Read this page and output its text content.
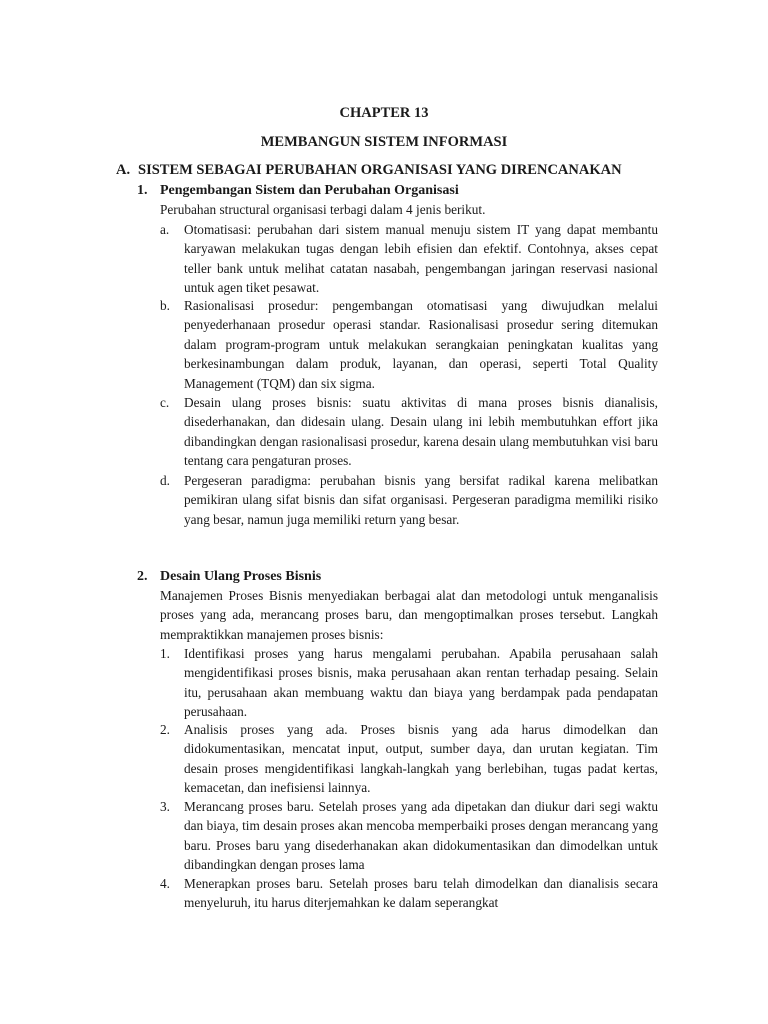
CHAPTER 13
MEMBANGUN SISTEM INFORMASI
A. SISTEM SEBAGAI PERUBAHAN ORGANISASI YANG DIRENCANAKAN
1. Pengembangan Sistem dan Perubahan Organisasi
Perubahan structural organisasi terbagi dalam 4 jenis berikut.
a. Otomatisasi: perubahan dari sistem manual menuju sistem IT yang dapat membantu karyawan melakukan tugas dengan lebih efisien dan efektif. Contohnya, akses cepat teller bank untuk melihat catatan nasabah, pengembangan jaringan reservasi nasional untuk agen tiket pesawat.
b. Rasionalisasi prosedur: pengembangan otomatisasi yang diwujudkan melalui penyederhanaan prosedur operasi standar. Rasionalisasi prosedur sering ditemukan dalam program-program untuk melakukan serangkaian peningkatan kualitas yang berkesinambungan dalam produk, layanan, dan operasi, seperti Total Quality Management (TQM) dan six sigma.
c. Desain ulang proses bisnis: suatu aktivitas di mana proses bisnis dianalisis, disederhanakan, dan didesain ulang. Desain ulang ini lebih membutuhkan effort jika dibandingkan dengan rasionalisasi prosedur, karena desain ulang membutuhkan visi baru tentang cara pengaturan proses.
d. Pergeseran paradigma: perubahan bisnis yang bersifat radikal karena melibatkan pemikiran ulang sifat bisnis dan sifat organisasi. Pergeseran paradigma memiliki risiko yang besar, namun juga memiliki return yang besar.
2. Desain Ulang Proses Bisnis
Manajemen Proses Bisnis menyediakan berbagai alat dan metodologi untuk menganalisis proses yang ada, merancang proses baru, dan mengoptimalkan proses tersebut. Langkah mempraktikkan manajemen proses bisnis:
1. Identifikasi proses yang harus mengalami perubahan. Apabila perusahaan salah mengidentifikasi proses bisnis, maka perusahaan akan rentan terhadap pesaing. Selain itu, perusahaan akan membuang waktu dan biaya yang berdampak pada pendapatan perusahaan.
2. Analisis proses yang ada. Proses bisnis yang ada harus dimodelkan dan didokumentasikan, mencatat input, output, sumber daya, dan urutan kegiatan. Tim desain proses mengidentifikasi langkah-langkah yang berlebihan, tugas padat kertas, kemacetan, dan inefisiensi lainnya.
3. Merancang proses baru. Setelah proses yang ada dipetakan dan diukur dari segi waktu dan biaya, tim desain proses akan mencoba memperbaiki proses dengan merancang yang baru. Proses baru yang disederhanakan akan didokumentasikan dan dimodelkan untuk dibandingkan dengan proses lama
4. Menerapkan proses baru. Setelah proses baru telah dimodelkan dan dianalisis secara menyeluruh, itu harus diterjemahkan ke dalam seperangkat
